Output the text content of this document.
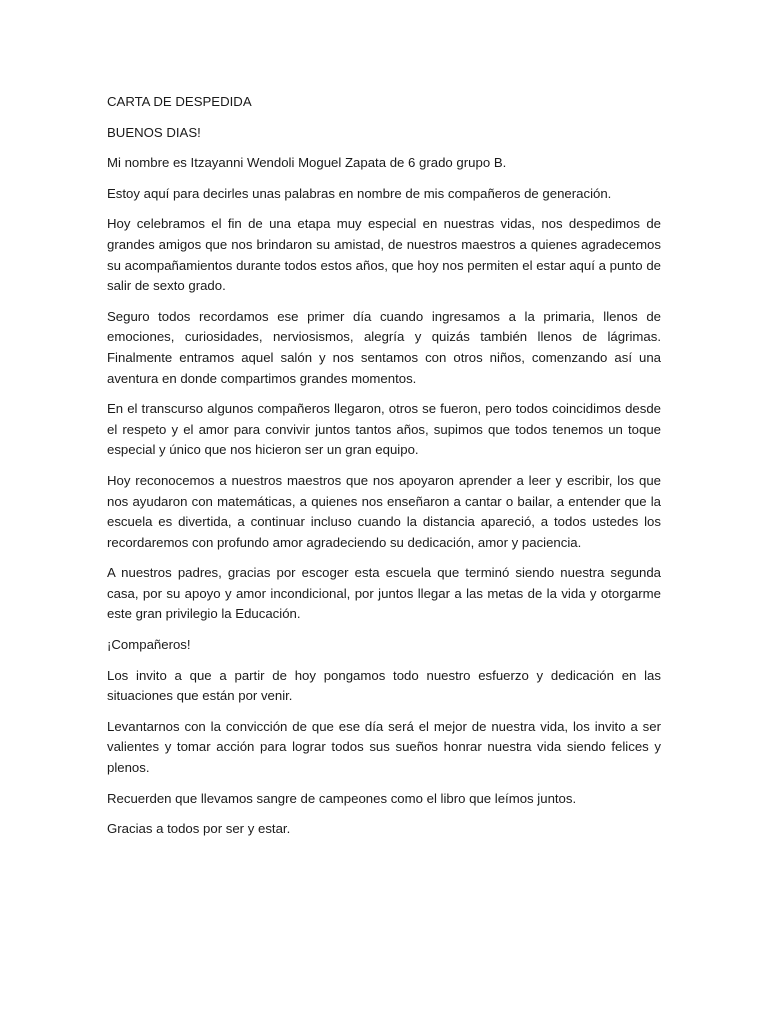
CARTA DE DESPEDIDA

BUENOS DIAS!

Mi nombre es Itzayanni Wendoli Moguel Zapata de 6 grado grupo B.

Estoy aquí para decirles unas palabras en nombre de mis compañeros de generación.

Hoy celebramos el fin de una etapa muy especial en nuestras vidas, nos despedimos de grandes amigos que nos brindaron su amistad, de nuestros maestros a quienes agradecemos su acompañamientos durante todos estos años, que hoy nos permiten el estar aquí a punto de salir de sexto grado.

Seguro todos recordamos ese primer día cuando ingresamos a la primaria, llenos de emociones, curiosidades, nerviosismos, alegría y quizás también llenos de lágrimas. Finalmente entramos aquel salón y nos sentamos con otros niños, comenzando así una aventura en donde compartimos grandes momentos.

En el transcurso algunos compañeros llegaron, otros se fueron, pero todos coincidimos desde el respeto y el amor para convivir juntos tantos años, supimos que todos tenemos un toque especial y único que nos hicieron ser un gran equipo.

Hoy reconocemos a nuestros maestros que nos apoyaron aprender a leer y escribir, los que nos ayudaron con matemáticas, a quienes nos enseñaron a cantar o bailar, a entender que la escuela es divertida, a continuar incluso cuando la distancia apareció, a todos ustedes los recordaremos con profundo amor agradeciendo su dedicación, amor y paciencia.

A nuestros padres, gracias por escoger esta escuela que terminó siendo nuestra segunda casa, por su apoyo y amor incondicional, por juntos llegar a las metas de la vida y otorgarme este gran privilegio la Educación.

¡Compañeros!

Los invito a que a partir de hoy pongamos todo nuestro esfuerzo y dedicación en las situaciones que están por venir.

Levantarnos con la convicción de que ese día será el mejor de nuestra vida, los invito a ser valientes y tomar acción para lograr todos sus sueños honrar nuestra vida siendo felices y plenos.

Recuerden que llevamos sangre de campeones como el libro que leímos juntos.

Gracias a todos por ser y estar.
